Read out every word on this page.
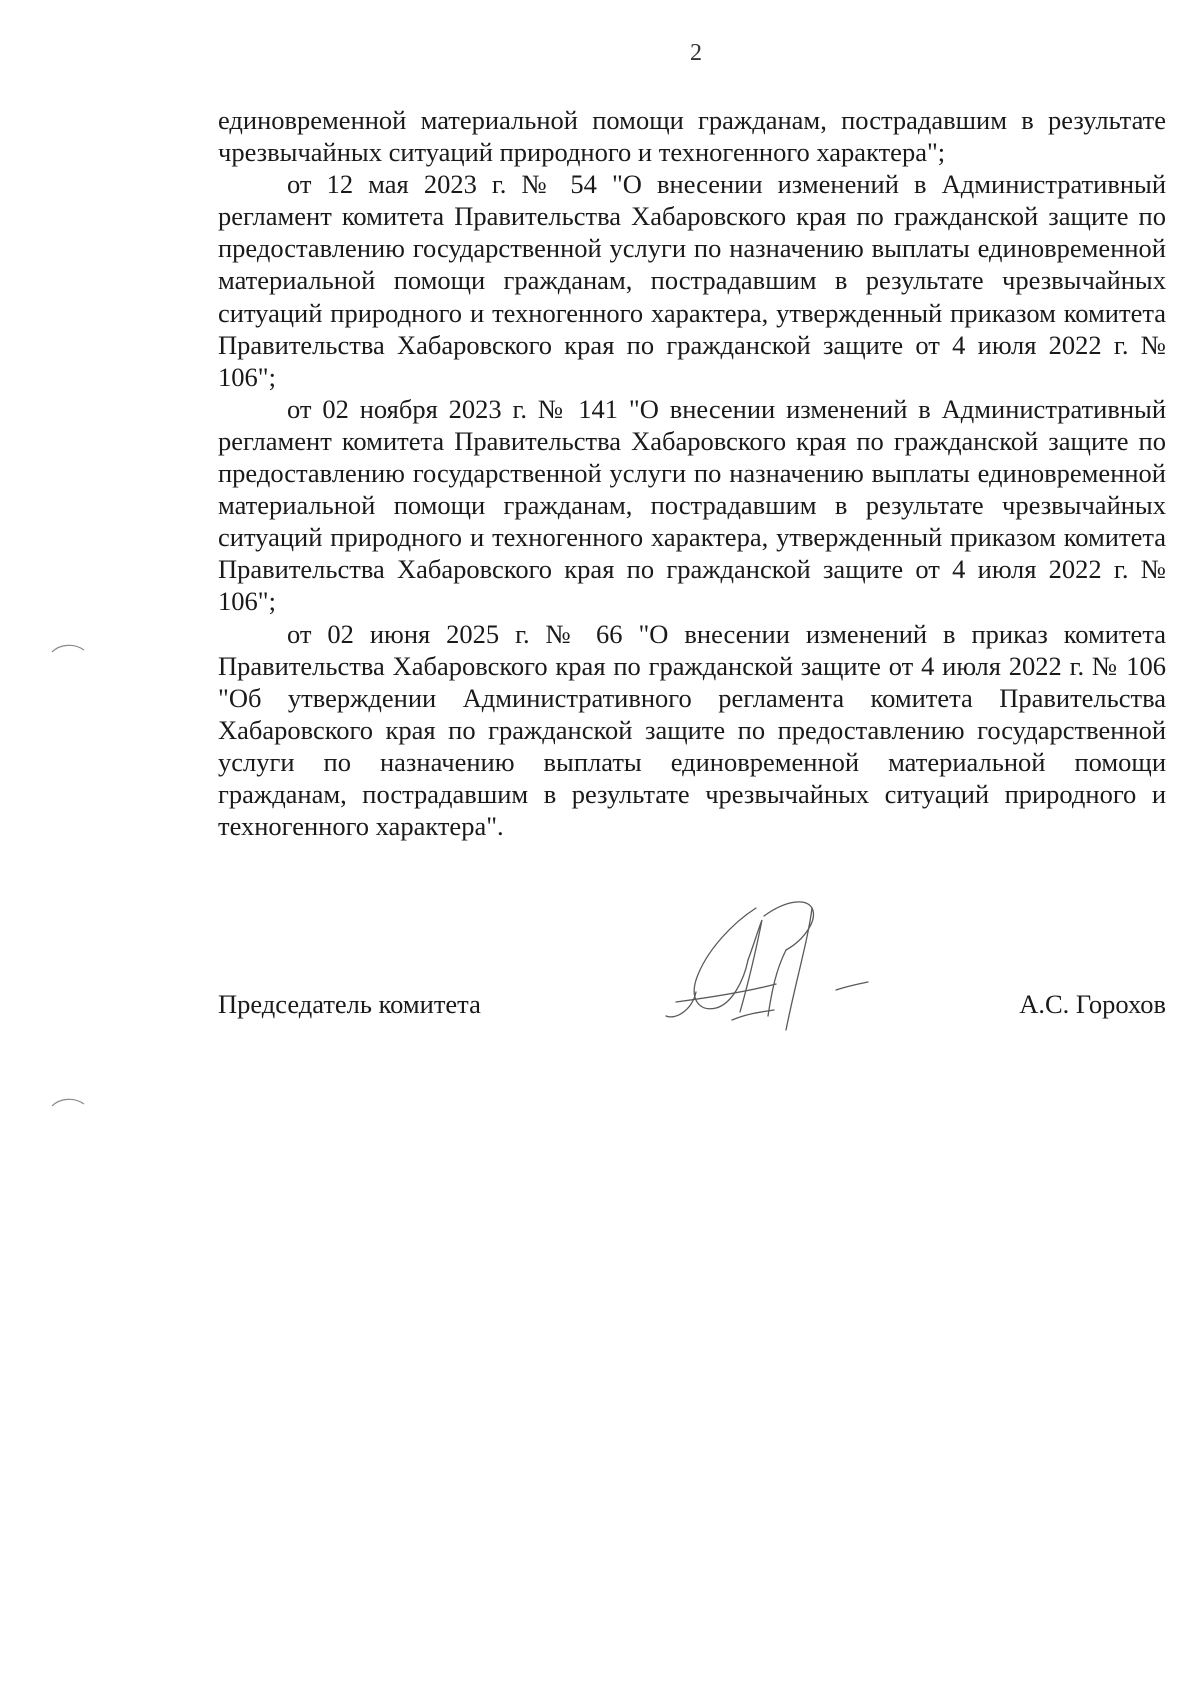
2

единовременной материальной помощи гражданам, пострадавшим в результате чрезвычайных ситуаций природного и техногенного характера";

от 12 мая 2023 г. № 54 "О внесении изменений в Административный регламент комитета Правительства Хабаровского края по гражданской защите по предоставлению государственной услуги по назначению выплаты единовременной материальной помощи гражданам, пострадавшим в результате чрезвычайных ситуаций природного и техногенного характера, утвержденный приказом комитета Правительства Хабаровского края по гражданской защите от 4 июля 2022 г. № 106";

от 02 ноября 2023 г. № 141 "О внесении изменений в Административный регламент комитета Правительства Хабаровского края по гражданской защите по предоставлению государственной услуги по назначению выплаты единовременной материальной помощи гражданам, пострадавшим в результате чрезвычайных ситуаций природного и техногенного характера, утвержденный приказом комитета Правительства Хабаровского края по гражданской защите от 4 июля 2022 г. № 106";

от 02 июня 2025 г. № 66 "О внесении изменений в приказ комитета Правительства Хабаровского края по гражданской защите от 4 июля 2022 г. № 106 "Об утверждении Административного регламента комитета Правительства Хабаровского края по гражданской защите по предоставлению государственной услуги по назначению выплаты единовременной материальной помощи гражданам, пострадавшим в результате чрезвычайных ситуаций природного и техногенного характера".

Председатель комитета	А.С. Горохов
